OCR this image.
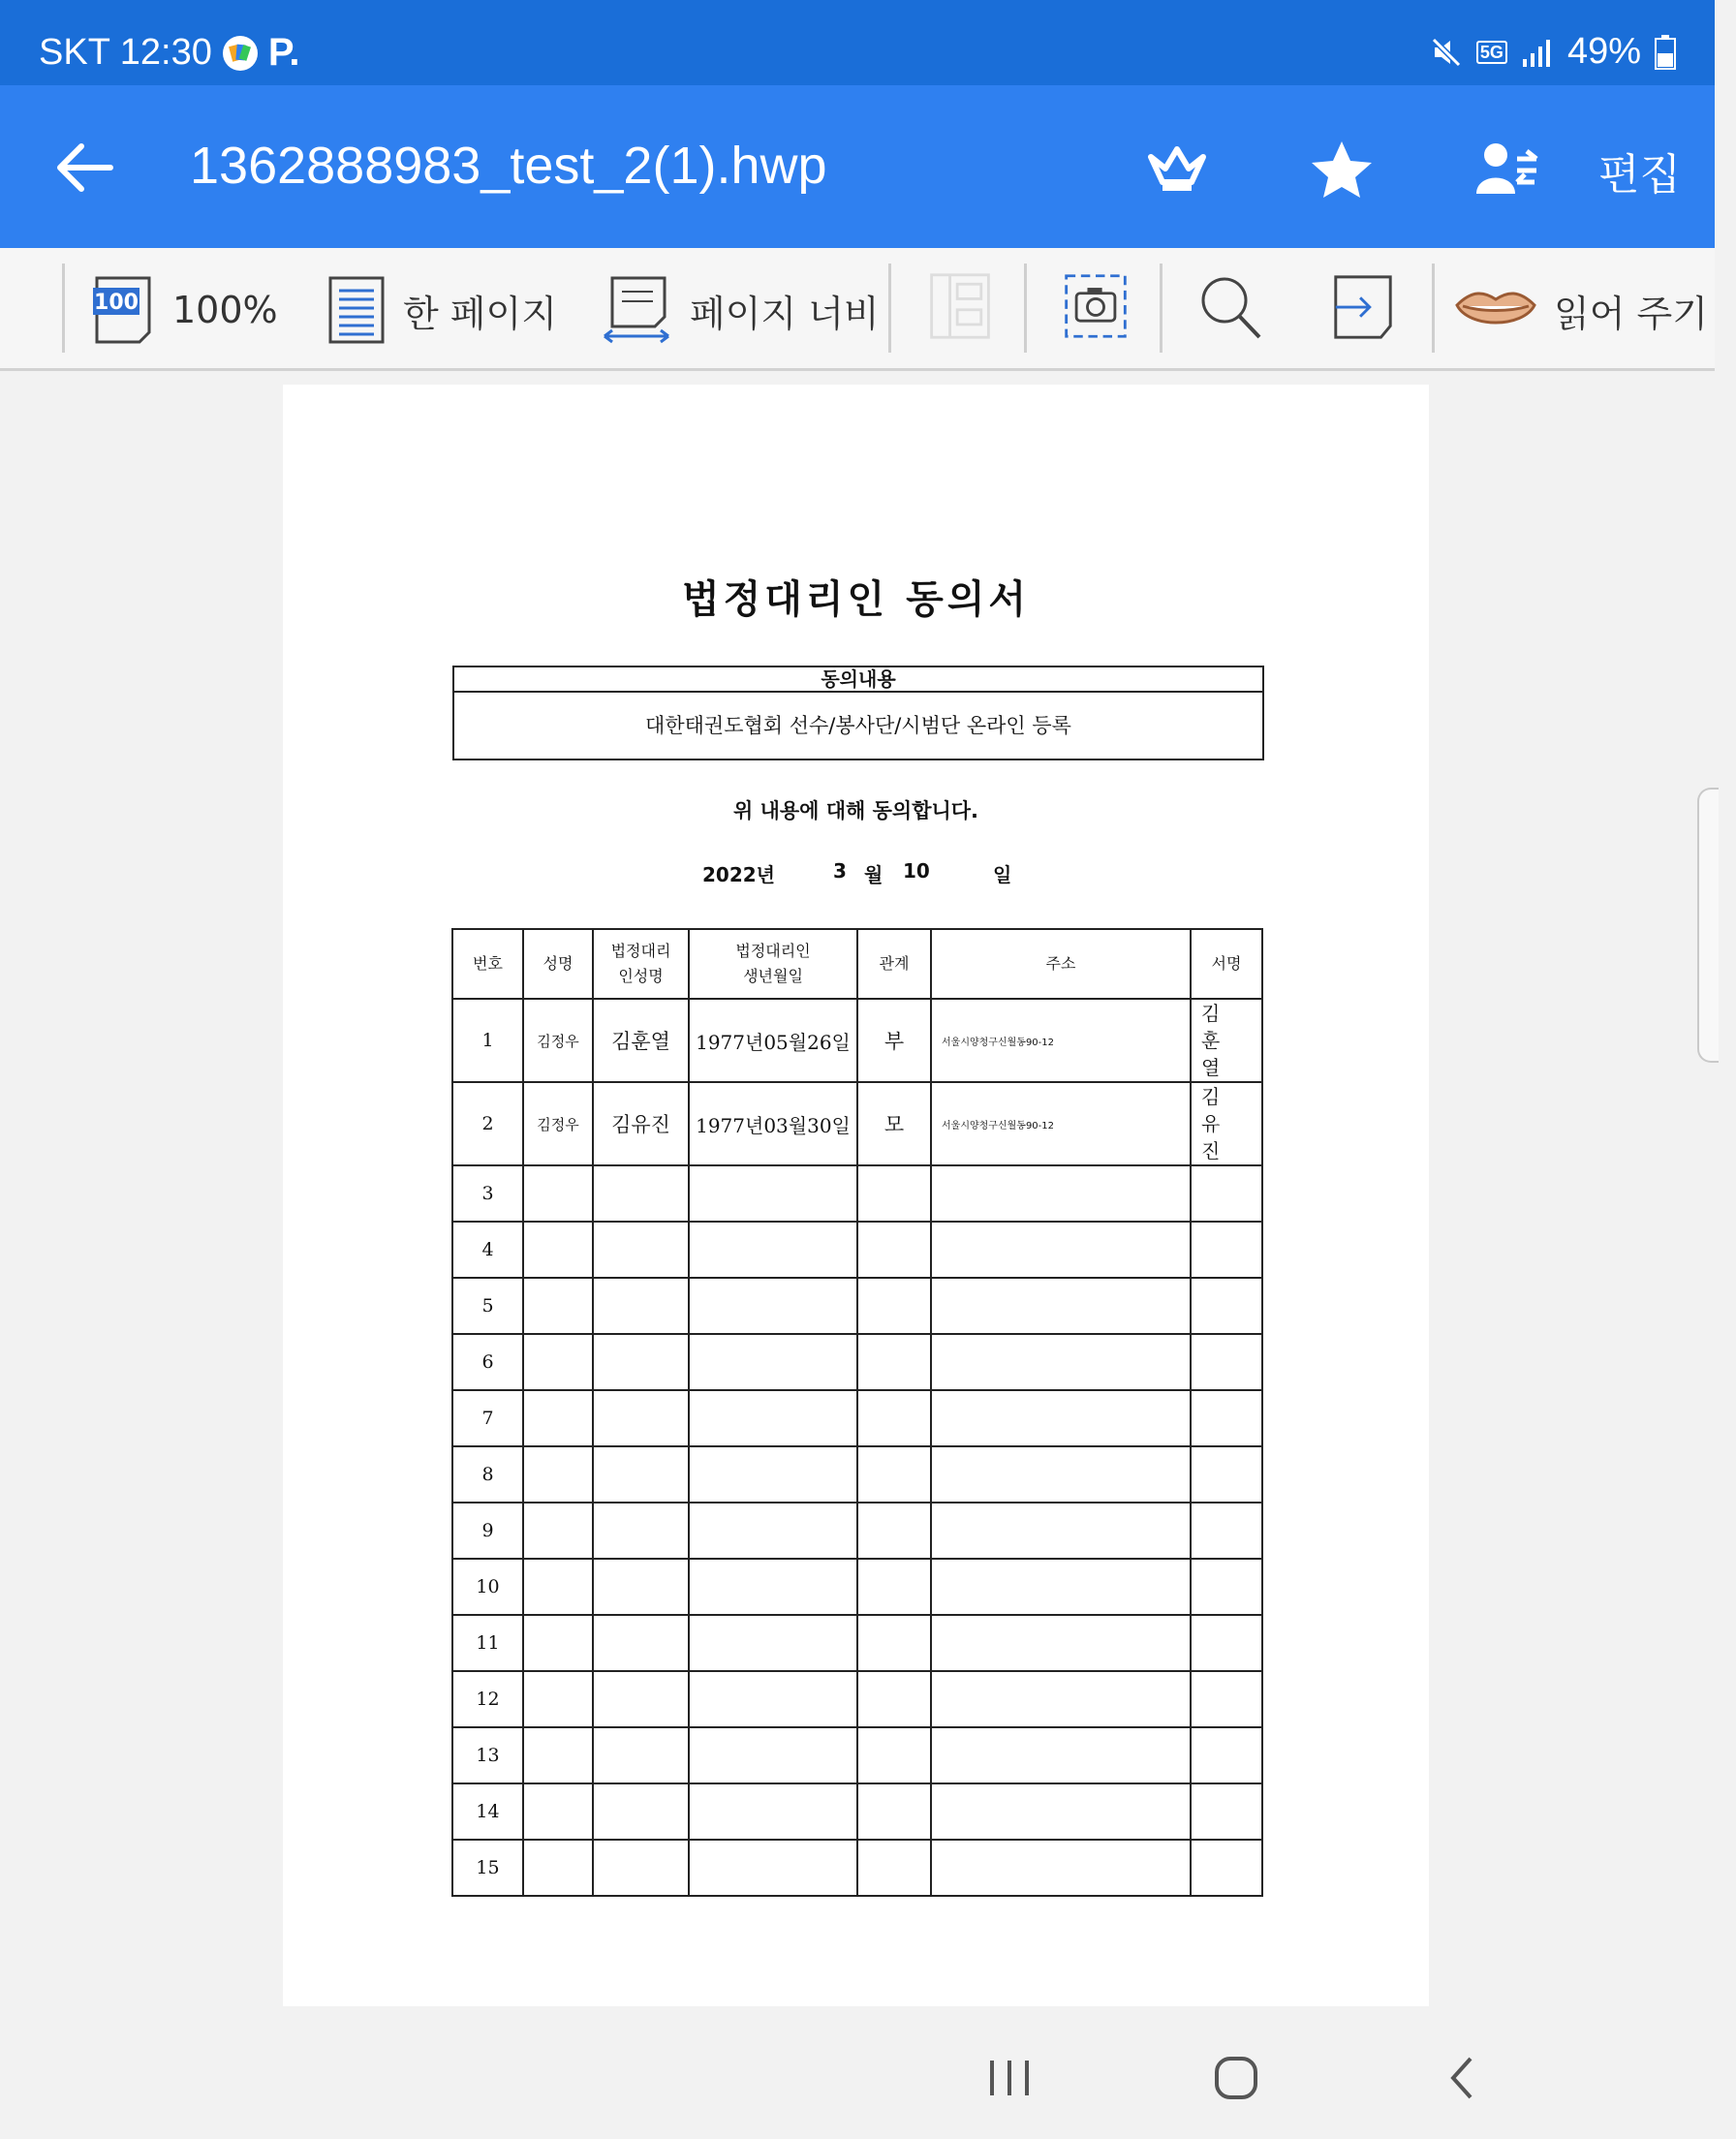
SKT 12:30 P.	5G 49%
1362888983_test_2(1).hwp	편집
100 100%	한 페이지	페이지 너비	읽어 주기
법정대리인 동의서
동의내용
대한태권도협회 선수/봉사단/시범단 온라인 등록
위 내용에 대해 동의합니다.
2022년	3 월 10	일
번호	성명	법정대리인성명	법정대리인생년월일	관계	주소	서명
1	김정우	김훈열	1977년05월26일	부	서울시양청구신월동90-12	김훈열
2	김정우	김유진	1977년03월30일	모	서울시양청구신월동90-12	김유진
3						
4						
5						
6						
7						
8						
9						
10						
11						
12						
13						
14						
15						
